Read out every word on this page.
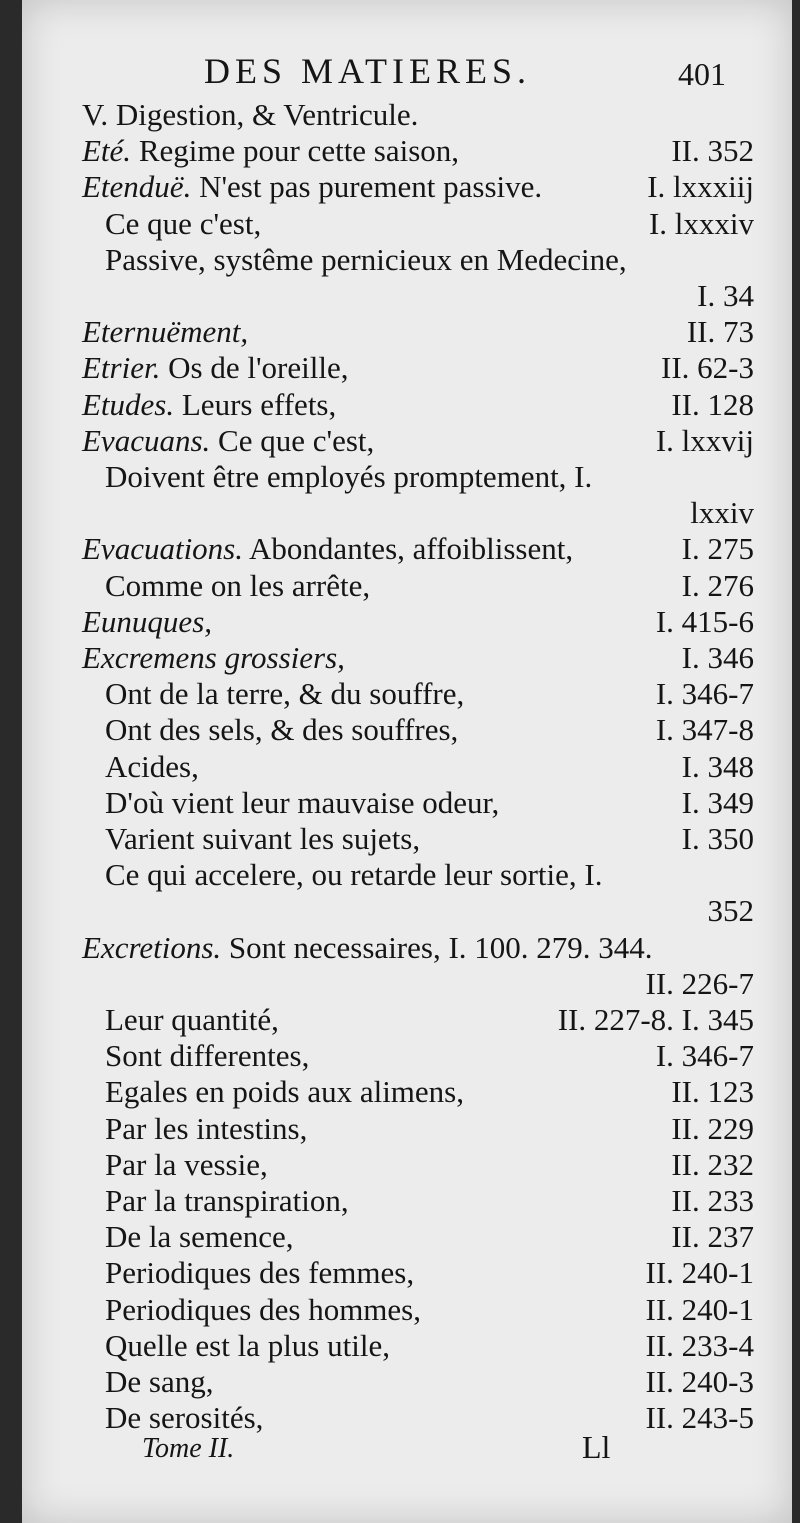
DES MATIERES.	401
V. Digestion, & Ventricule.
Eté. Regime pour cette saison,	II. 352
Etenduë. N'est pas purement passive.	I. lxxxiij
Ce que c'est,	I. lxxxiv
Passive, systême pernicieux en Medecine,
I. 34
Eternuëment,	II. 73
Etrier. Os de l'oreille,	II. 62-3
Etudes. Leurs effets,	II. 128
Evacuans. Ce que c'est,	I. lxxvij
Doivent être employés promptement, I.
lxxiv
Evacuations. Abondantes, affoiblissent,	I. 275
Comme on les arrête,	I. 276
Eunuques,	I. 415-6
Excremens grossiers,	I. 346
Ont de la terre, & du souffre,	I. 346-7
Ont des sels, & des souffres,	I. 347-8
Acides,	I. 348
D'où vient leur mauvaise odeur,	I. 349
Varient suivant les sujets,	I. 350
Ce qui accelere, ou retarde leur sortie, I.
352
Excretions. Sont necessaires, I. 100. 279. 344.
II. 226-7
Leur quantité,	II. 227-8. I. 345
Sont differentes,	I. 346-7
Egales en poids aux alimens,	II. 123
Par les intestins,	II. 229
Par la vessie,	II. 232
Par la transpiration,	II. 233
De la semence,	II. 237
Periodiques des femmes,	II. 240-1
Periodiques des hommes,	II. 240-1
Quelle est la plus utile,	II. 233-4
De sang,	II. 240-3
De serosités,	II. 243-5
Tome II.	Ll
